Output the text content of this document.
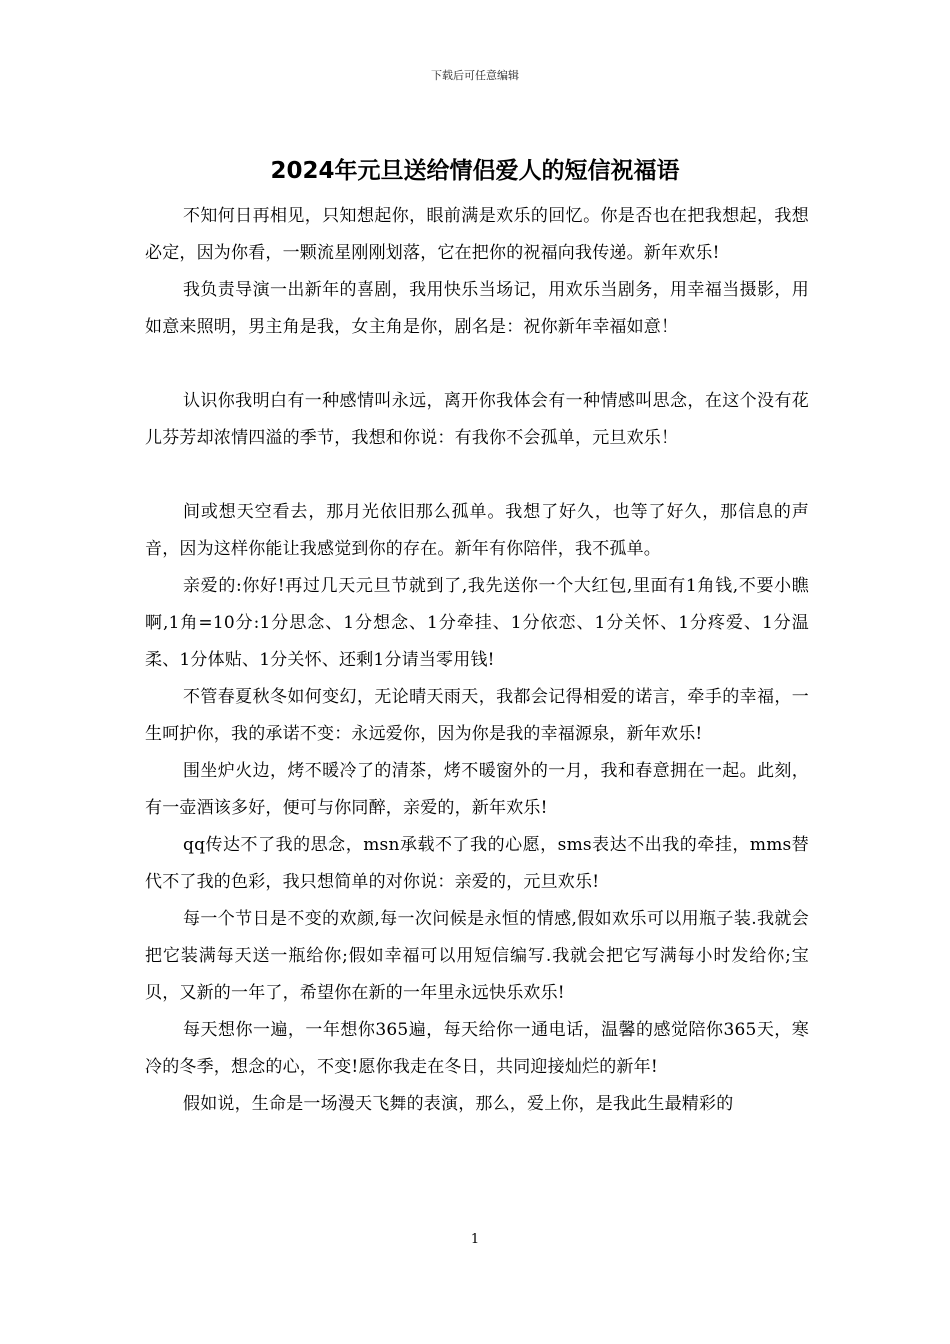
下载后可任意编辑
2024年元旦送给情侣爱人的短信祝福语

不知何日再相见，只知想起你，眼前满是欢乐的回忆。你是否也在把我想起，我想必定，因为你看，一颗流星刚刚划落，它在把你的祝福向我传递。新年欢乐!

我负责导演一出新年的喜剧，我用快乐当场记，用欢乐当剧务，用幸福当摄影，用如意来照明，男主角是我，女主角是你，剧名是：祝你新年幸福如意！

认识你我明白有一种感情叫永远，离开你我体会有一种情感叫思念，在这个没有花儿芬芳却浓情四溢的季节，我想和你说：有我你不会孤单，元旦欢乐！

间或想天空看去，那月光依旧那么孤单。我想了好久，也等了好久，那信息的声音，因为这样你能让我感觉到你的存在。新年有你陪伴，我不孤单。

亲爱的:你好!再过几天元旦节就到了,我先送你一个大红包,里面有1角钱,不要小瞧啊,1角=10分:1分思念、1分想念、1分牵挂、1分依恋、1分关怀、1分疼爱、1分温柔、1分体贴、1分关怀、还剩1分请当零用钱!

不管春夏秋冬如何变幻，无论晴天雨天，我都会记得相爱的诺言，牵手的幸福，一生呵护你，我的承诺不变：永远爱你，因为你是我的幸福源泉，新年欢乐!

围坐炉火边，烤不暖冷了的清茶，烤不暖窗外的一月，我和春意拥在一起。此刻，有一壶酒该多好，便可与你同醉，亲爱的，新年欢乐!

qq传达不了我的思念，msn承载不了我的心愿，sms表达不出我的牵挂，mms替代不了我的色彩，我只想简单的对你说：亲爱的，元旦欢乐!

每一个节日是不变的欢颜,每一次问候是永恒的情感,假如欢乐可以用瓶子装.我就会把它装满每天送一瓶给你;假如幸福可以用短信编写.我就会把它写满每小时发给你;宝贝，又新的一年了，希望你在新的一年里永远快乐欢乐!

每天想你一遍，一年想你365遍，每天给你一通电话，温馨的感觉陪你365天，寒冷的冬季，想念的心，不变!愿你我走在冬日，共同迎接灿烂的新年!

假如说，生命是一场漫天飞舞的表演，那么，爱上你，是我此生最精彩的

1
